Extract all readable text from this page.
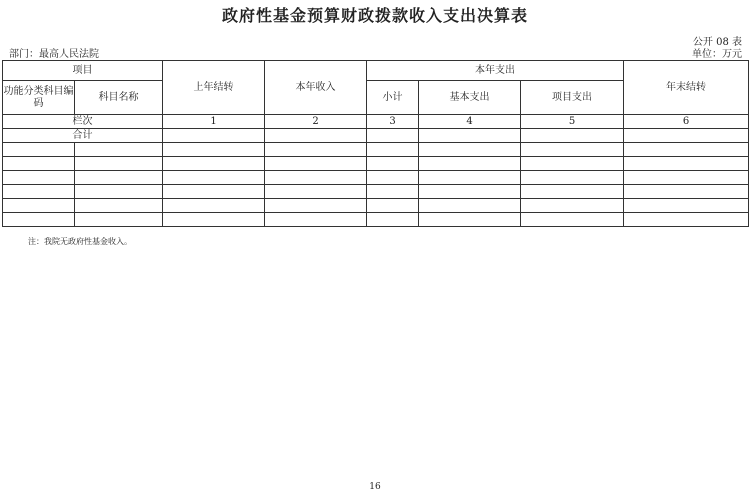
政府性基金预算财政拨款收入支出决算表
公开 08 表
部门：最高人民法院	单位：万元
项目		上年结转	本年收入	本年支出			年末结转
功能分类科目编码	科目名称			小计	基本支出	项目支出	
栏次		1	2	3	4	5	6
合计							

注：我院无政府性基金收入。
16
